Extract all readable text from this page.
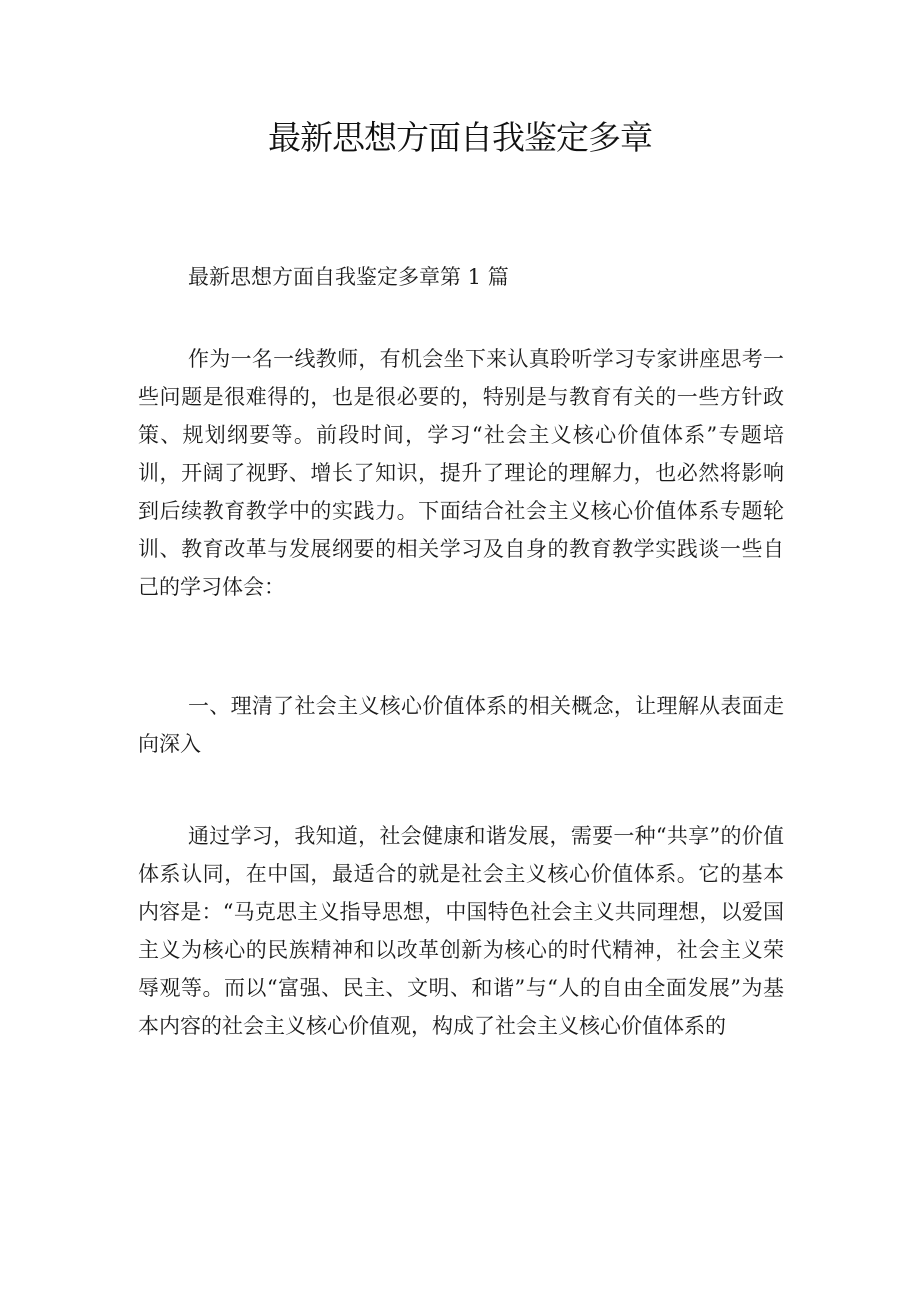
最新思想方面自我鉴定多章
最新思想方面自我鉴定多章第 1 篇

作为一名一线教师，有机会坐下来认真聆听学习专家讲座思考一些问题是很难得的，也是很必要的，特别是与教育有关的一些方针政策、规划纲要等。前段时间，学习“社会主义核心价值体系”专题培训，开阔了视野、增长了知识，提升了理论的理解力，也必然将影响到后续教育教学中的实践力。下面结合社会主义核心价值体系专题轮训、教育改革与发展纲要的相关学习及自身的教育教学实践谈一些自己的学习体会：

一、理清了社会主义核心价值体系的相关概念，让理解从表面走向深入

通过学习，我知道，社会健康和谐发展，需要一种“共享”的价值体系认同，在中国，最适合的就是社会主义核心价值体系。它的基本内容是：“马克思主义指导思想，中国特色社会主义共同理想，以爱国主义为核心的民族精神和以改革创新为核心的时代精神，社会主义荣辱观等。而以“富强、民主、文明、和谐”与“人的自由全面发展”为基本内容的社会主义核心价值观，构成了社会主义核心价值体系的
